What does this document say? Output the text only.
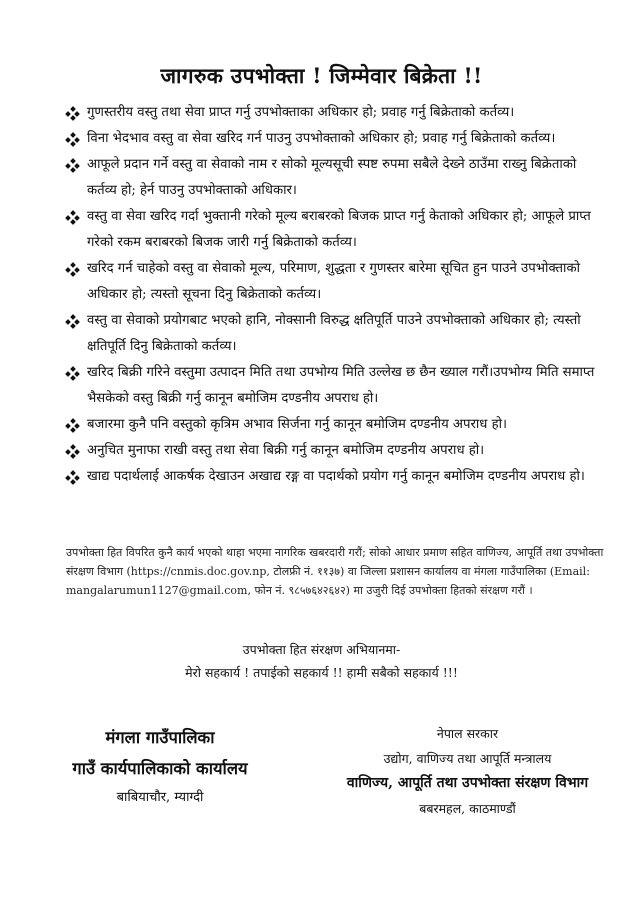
जागरुक उपभोक्ता ! जिम्मेवार बिक्रेता !!
गुणस्तरीय वस्तु तथा सेवा प्राप्त गर्नु उपभोक्ताका अधिकार हो; प्रवाह गर्नु बिक्रेताको कर्तव्य।
विना भेदभाव वस्तु वा सेवा खरिद गर्न पाउनु उपभोक्ताको अधिकार हो; प्रवाह गर्नु बिक्रेताको कर्तव्य।
आफूले प्रदान गर्ने वस्तु वा सेवाको नाम र सोको मूल्यसूची स्पष्ट रुपमा सबैले देख्ने ठाउँमा राख्नु बिक्रेताको कर्तव्य हो; हेर्न पाउनु उपभोक्ताको अधिकार।
वस्तु वा सेवा खरिद गर्दा भुक्तानी गरेको मूल्य बराबरको बिजक प्राप्त गर्नु केताको अधिकार हो; आफूले प्राप्त गरेको रकम बराबरको बिजक जारी गर्नु बिक्रेताको कर्तव्य।
खरिद गर्न चाहेको वस्तु वा सेवाको मूल्य, परिमाण, शुद्धता र गुणस्तर बारेमा सूचित हुन पाउने उपभोक्ताको अधिकार हो; त्यस्तो सूचना दिनु बिक्रेताको कर्तव्य।
वस्तु वा सेवाको प्रयोगबाट भएको हानि, नोक्सानी विरुद्ध क्षतिपूर्ति पाउने उपभोक्ताको अधिकार हो; त्यस्तो क्षतिपूर्ति दिनु बिक्रेताको कर्तव्य।
खरिद बिक्री गरिने वस्तुमा उत्पादन मिति तथा उपभोग्य मिति उल्लेख छ छैन ख्याल गरौं।उपभोग्य मिति समाप्त भैसकेको वस्तु बिक्री गर्नु कानून बमोजिम दण्डनीय अपराध हो।
बजारमा कुनै पनि वस्तुको कृत्रिम अभाव सिर्जना गर्नु कानून बमोजिम दण्डनीय अपराध हो।
अनुचित मुनाफा राखी वस्तु तथा सेवा बिक्री गर्नु कानून बमोजिम दण्डनीय अपराध हो।
खाद्य पदार्थलाई आकर्षक देखाउन अखाद्य रङ्ग वा पदार्थको प्रयोग गर्नु कानून बमोजिम दण्डनीय अपराध हो।
उपभोक्ता हित विपरित कुनै कार्य भएको थाहा भएमा नागरिक खबरदारी गरौं; सोको आधार प्रमाण सहित वाणिज्य, आपूर्ति तथा उपभोक्ता संरक्षण विभाग (https://cnmis.doc.gov.np, टोलफ्री नं. ११३७) वा जिल्ला प्रशासन कार्यालय वा मंगला गाउँपालिका (Email: mangalarumun1127@gmail.com, फोन नं. ९८५७६४२६४२) मा उजुरी दिई उपभोक्ता हितको संरक्षण गरौं ।
उपभोक्ता हित संरक्षण अभियानमा-
मेरो सहकार्य ! तपाईको सहकार्य !! हामी सबैको सहकार्य !!!
मंगला गाउँपालिका
गाउँ कार्यपालिकाको कार्यालय
बाबियाचौर, म्याग्दी
नेपाल सरकार
उद्योग, वाणिज्य तथा आपूर्ति मन्त्रालय
वाणिज्य, आपूर्ति तथा उपभोक्ता संरक्षण विभाग
बबरमहल, काठमाण्डौं
